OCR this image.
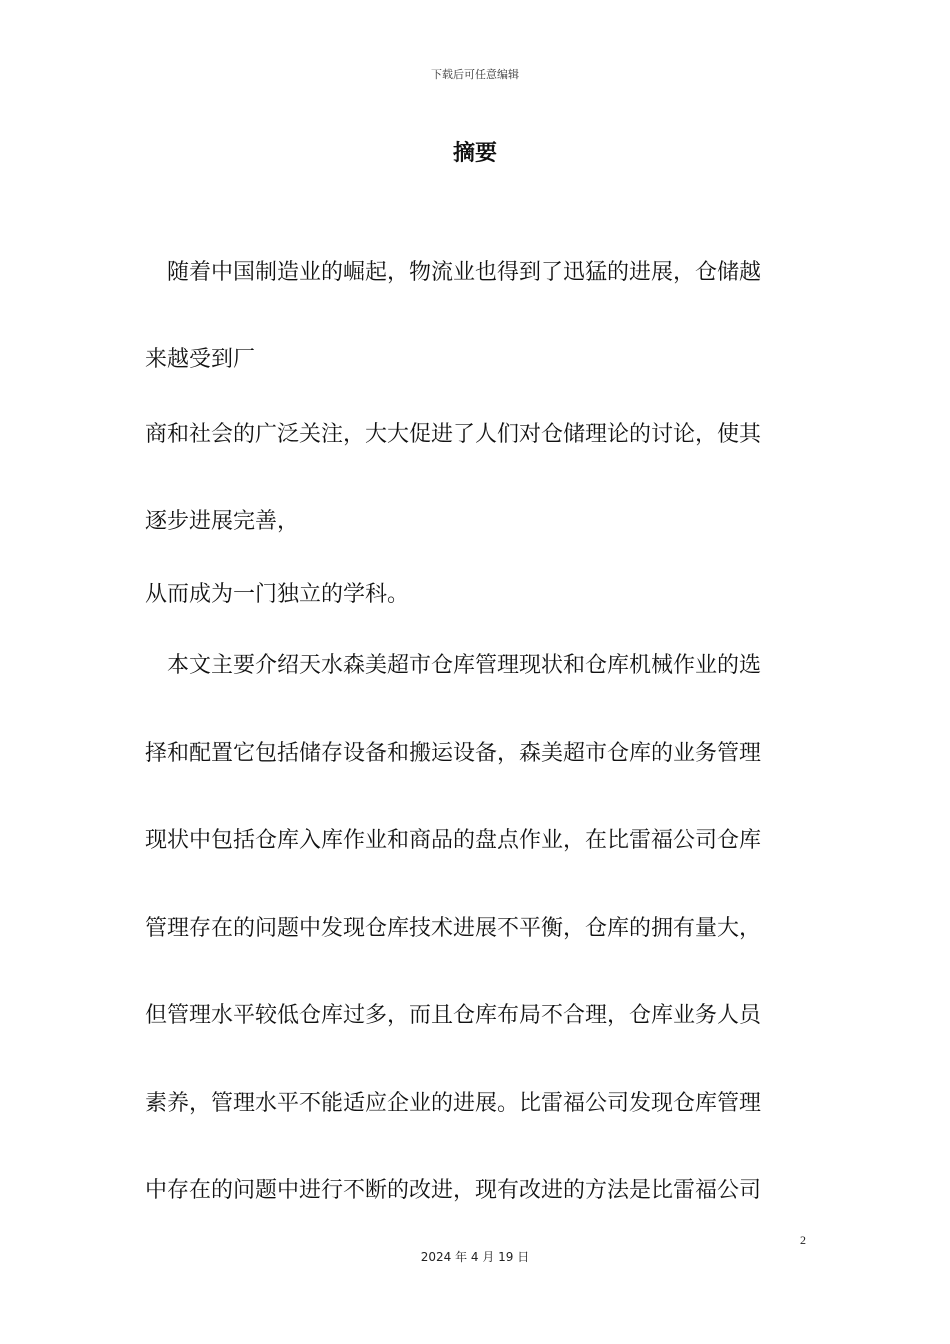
下载后可任意编辑
摘要
　随着中国制造业的崛起，物流业也得到了迅猛的进展，仓储越
来越受到厂
商和社会的广泛关注，大大促进了人们对仓储理论的讨论，使其
逐步进展完善，
从而成为一门独立的学科。
　本文主要介绍天水森美超市仓库管理现状和仓库机械作业的选
择和配置它包括储存设备和搬运设备，森美超市仓库的业务管理
现状中包括仓库入库作业和商品的盘点作业，在比雷福公司仓库
管理存在的问题中发现仓库技术进展不平衡，仓库的拥有量大，
但管理水平较低仓库过多，而且仓库布局不合理，仓库业务人员
素养，管理水平不能适应企业的进展。比雷福公司发现仓库管理
中存在的问题中进行不断的改进，现有改进的方法是比雷福公司
2
2024 年 4 月 19 日
